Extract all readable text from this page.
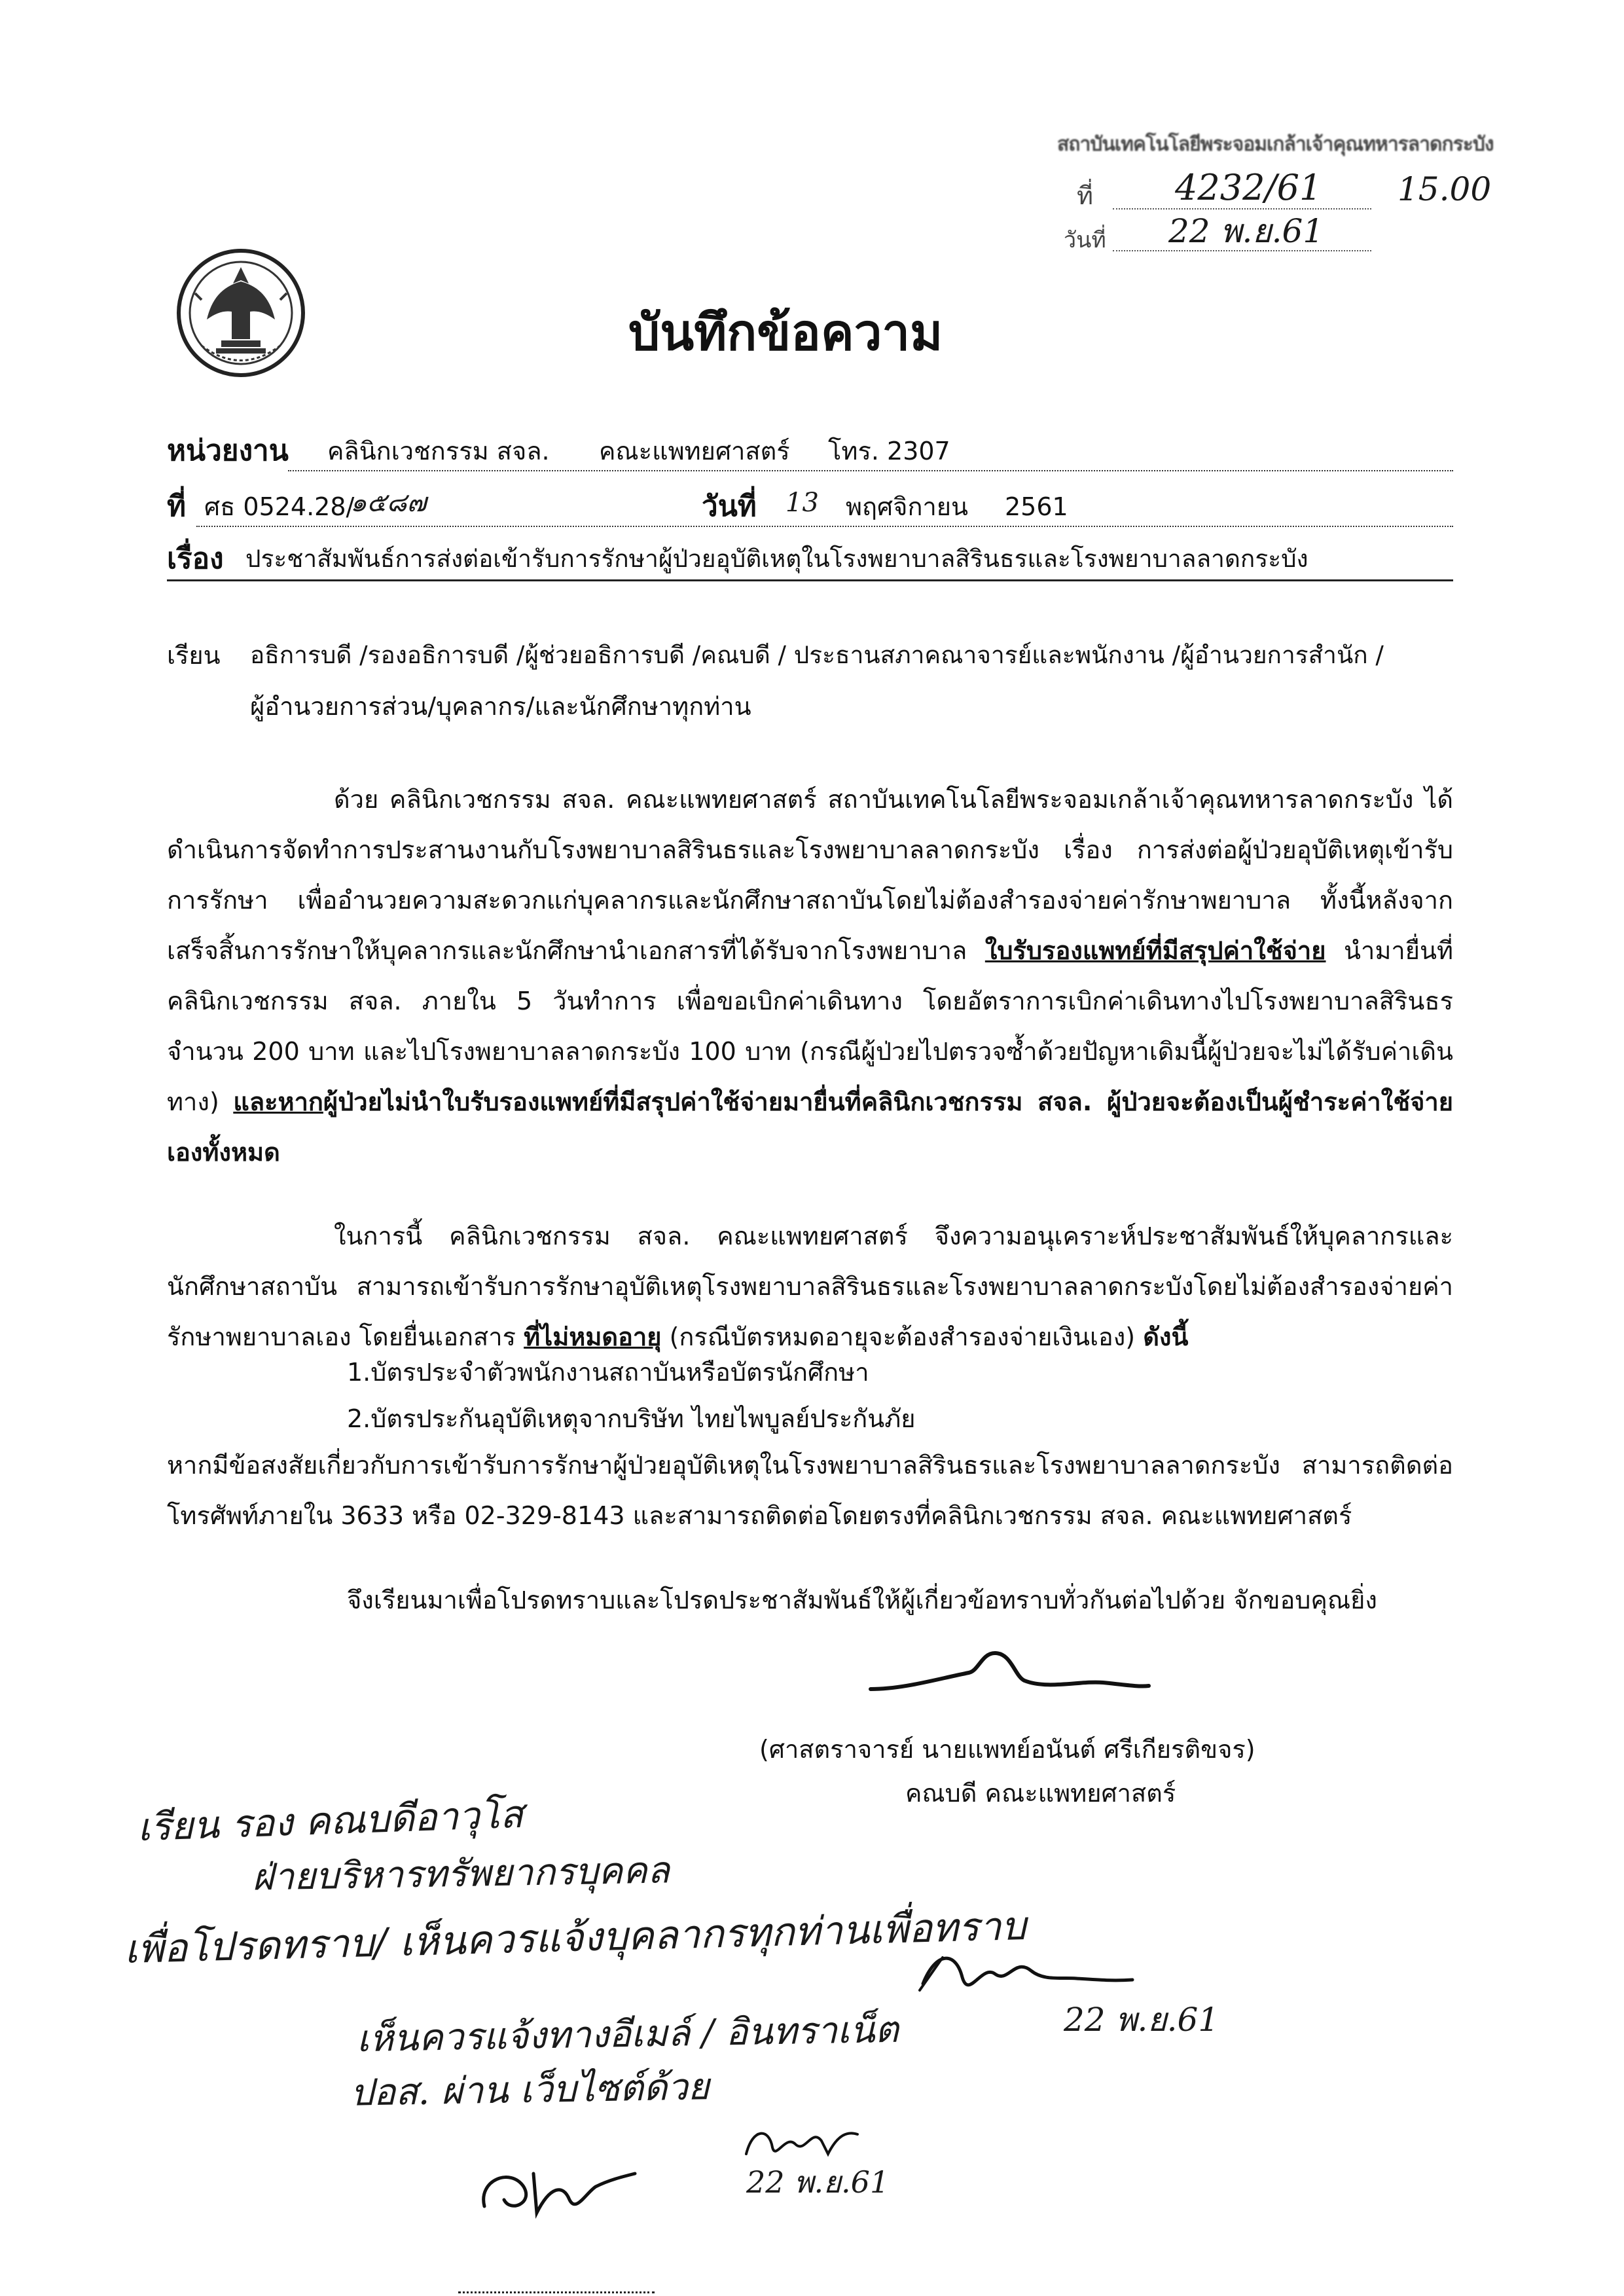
สถาบันเทคโนโลยีพระจอมเกล้าเจ้าคุณทหารลาดกระบัง
ที่ 4232/61 15.00
วันที่ 22 พ.ย.61
บันทึกข้อความ
หน่วยงาน คลินิกเวชกรรม สจล. คณะแพทยศาสตร์ โทร. 2307
ที่ ศธ 0524.28/
๑๕๘๗	วันที่ 13 พฤศจิกายน 2561
เรื่อง ประชาสัมพันธ์การส่งต่อเข้ารับการรักษาผู้ป่วยอุบัติเหตุในโรงพยาบาลสิรินธรและโรงพยาบาลลาดกระบัง
เรียน อธิการบดี /รองอธิการบดี /ผู้ช่วยอธิการบดี /คณบดี / ประธานสภาคณาจารย์และพนักงาน /ผู้อำนวยการสำนัก /
ผู้อำนวยการส่วน/บุคลากร/และนักศึกษาทุกท่าน
ด้วย คลินิกเวชกรรม สจล. คณะแพทยศาสตร์ สถาบันเทคโนโลยีพระจอมเกล้าเจ้าคุณทหารลาดกระบัง ได้ดำเนินการจัดทำการประสานงานกับโรงพยาบาลสิรินธรและโรงพยาบาลลาดกระบัง เรื่อง การส่งต่อผู้ป่วยอุบัติเหตุเข้ารับการรักษา เพื่ออำนวยความสะดวกแก่บุคลากรและนักศึกษาสถาบันโดยไม่ต้องสำรองจ่ายค่ารักษาพยาบาล ทั้งนี้หลังจากเสร็จสิ้นการรักษาให้บุคลากรและนักศึกษานำเอกสารที่ได้รับจากโรงพยาบาล ใบรับรองแพทย์ที่มีสรุปค่าใช้จ่าย นำมายื่นที่คลินิกเวชกรรม สจล. ภายใน 5 วันทำการ เพื่อขอเบิกค่าเดินทาง โดยอัตราการเบิกค่าเดินทางไปโรงพยาบาลสิรินธร จำนวน 200 บาท และไปโรงพยาบาลลาดกระบัง 100 บาท (กรณีผู้ป่วยไปตรวจซ้ำด้วยปัญหาเดิมนี้ผู้ป่วยจะไม่ได้รับค่าเดินทาง) และหากผู้ป่วยไม่นำใบรับรองแพทย์ที่มีสรุปค่าใช้จ่ายมายื่นที่คลินิกเวชกรรม สจล. ผู้ป่วยจะต้องเป็นผู้ชำระค่าใช้จ่ายเองทั้งหมด
ในการนี้ คลินิกเวชกรรม สจล. คณะแพทยศาสตร์ จึงความอนุเคราะห์ประชาสัมพันธ์ให้บุคลากรและนักศึกษาสถาบัน สามารถเข้ารับการรักษาอุบัติเหตุโรงพยาบาลสิรินธรและโรงพยาบาลลาดกระบังโดยไม่ต้องสำรองจ่ายค่ารักษาพยาบาลเอง โดยยื่นเอกสาร ที่ไม่หมดอายุ (กรณีบัตรหมดอายุจะต้องสำรองจ่ายเงินเอง) ดังนี้
1.บัตรประจำตัวพนักงานสถาบันหรือบัตรนักศึกษา
2.บัตรประกันอุบัติเหตุจากบริษัท ไทยไพบูลย์ประกันภัย
หากมีข้อสงสัยเกี่ยวกับการเข้ารับการรักษาผู้ป่วยอุบัติเหตุในโรงพยาบาลสิรินธรและโรงพยาบาลลาดกระบัง สามารถติดต่อ โทรศัพท์ภายใน 3633 หรือ 02-329-8143 และสามารถติดต่อโดยตรงที่คลินิกเวชกรรม สจล. คณะแพทยศาสตร์
จึงเรียนมาเพื่อโปรดทราบและโปรดประชาสัมพันธ์ให้ผู้เกี่ยวข้อทราบทั่วกันต่อไปด้วย จักขอบคุณยิ่ง
(ศาสตราจารย์ นายแพทย์อนันต์ ศรีเกียรติขจร)
คณบดี คณะแพทยศาสตร์
เรียน รอง คณบดีอาวุโส
ฝ่ายบริหารทรัพยากรบุคคล
เพื่อโปรดทราบ/ เห็นควรแจ้งบุคลากรทุกท่านเพื่อทราบ
22 พ.ย.61
เห็นควรแจ้งทางอีเมล์ / อินทราเน็ต
ปอส. ผ่าน เว็บไซต์ด้วย
22 พ.ย.61
